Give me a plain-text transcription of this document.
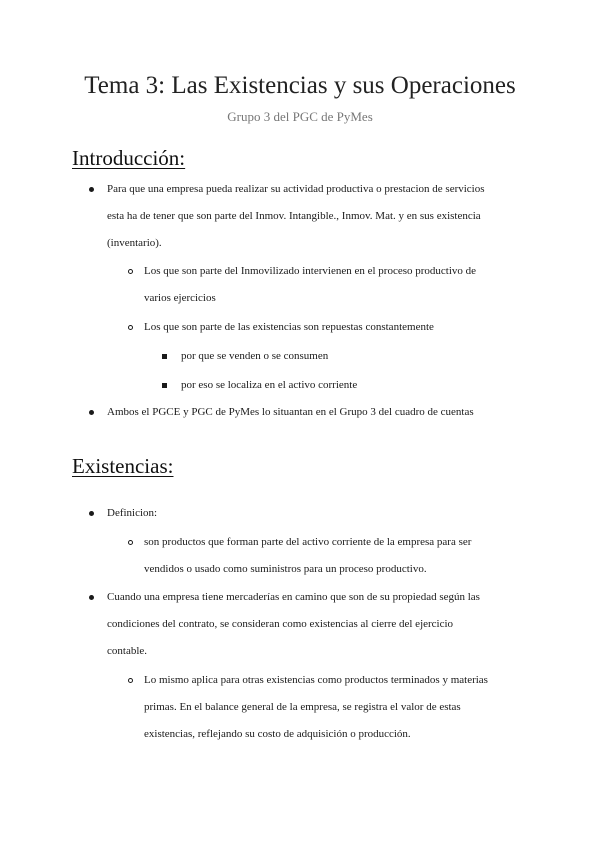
Tema 3: Las Existencias y sus Operaciones
Grupo 3 del PGC de PyMes
Introducción:
Para que una empresa pueda realizar su actividad productiva o prestacion de servicios
esta ha de tener que son parte del Inmov. Intangible., Inmov. Mat. y en sus existencia
(inventario).
Los que son parte del Inmovilizado intervienen en el proceso productivo de
varios ejercicios
Los que son parte de las existencias son repuestas constantemente
por que se venden o se consumen
por eso se localiza en el activo corriente
Ambos el PGCE y PGC de PyMes lo situantan en el Grupo 3 del cuadro de cuentas
Existencias:
Definicion:
son productos que forman parte del activo corriente de la empresa para ser
vendidos o usado como suministros para un proceso productivo.
Cuando una empresa tiene mercaderías en camino que son de su propiedad según las
condiciones del contrato, se consideran como existencias al cierre del ejercicio
contable.
Lo mismo aplica para otras existencias como productos terminados y materias
primas. En el balance general de la empresa, se registra el valor de estas
existencias, reflejando su costo de adquisición o producción.
